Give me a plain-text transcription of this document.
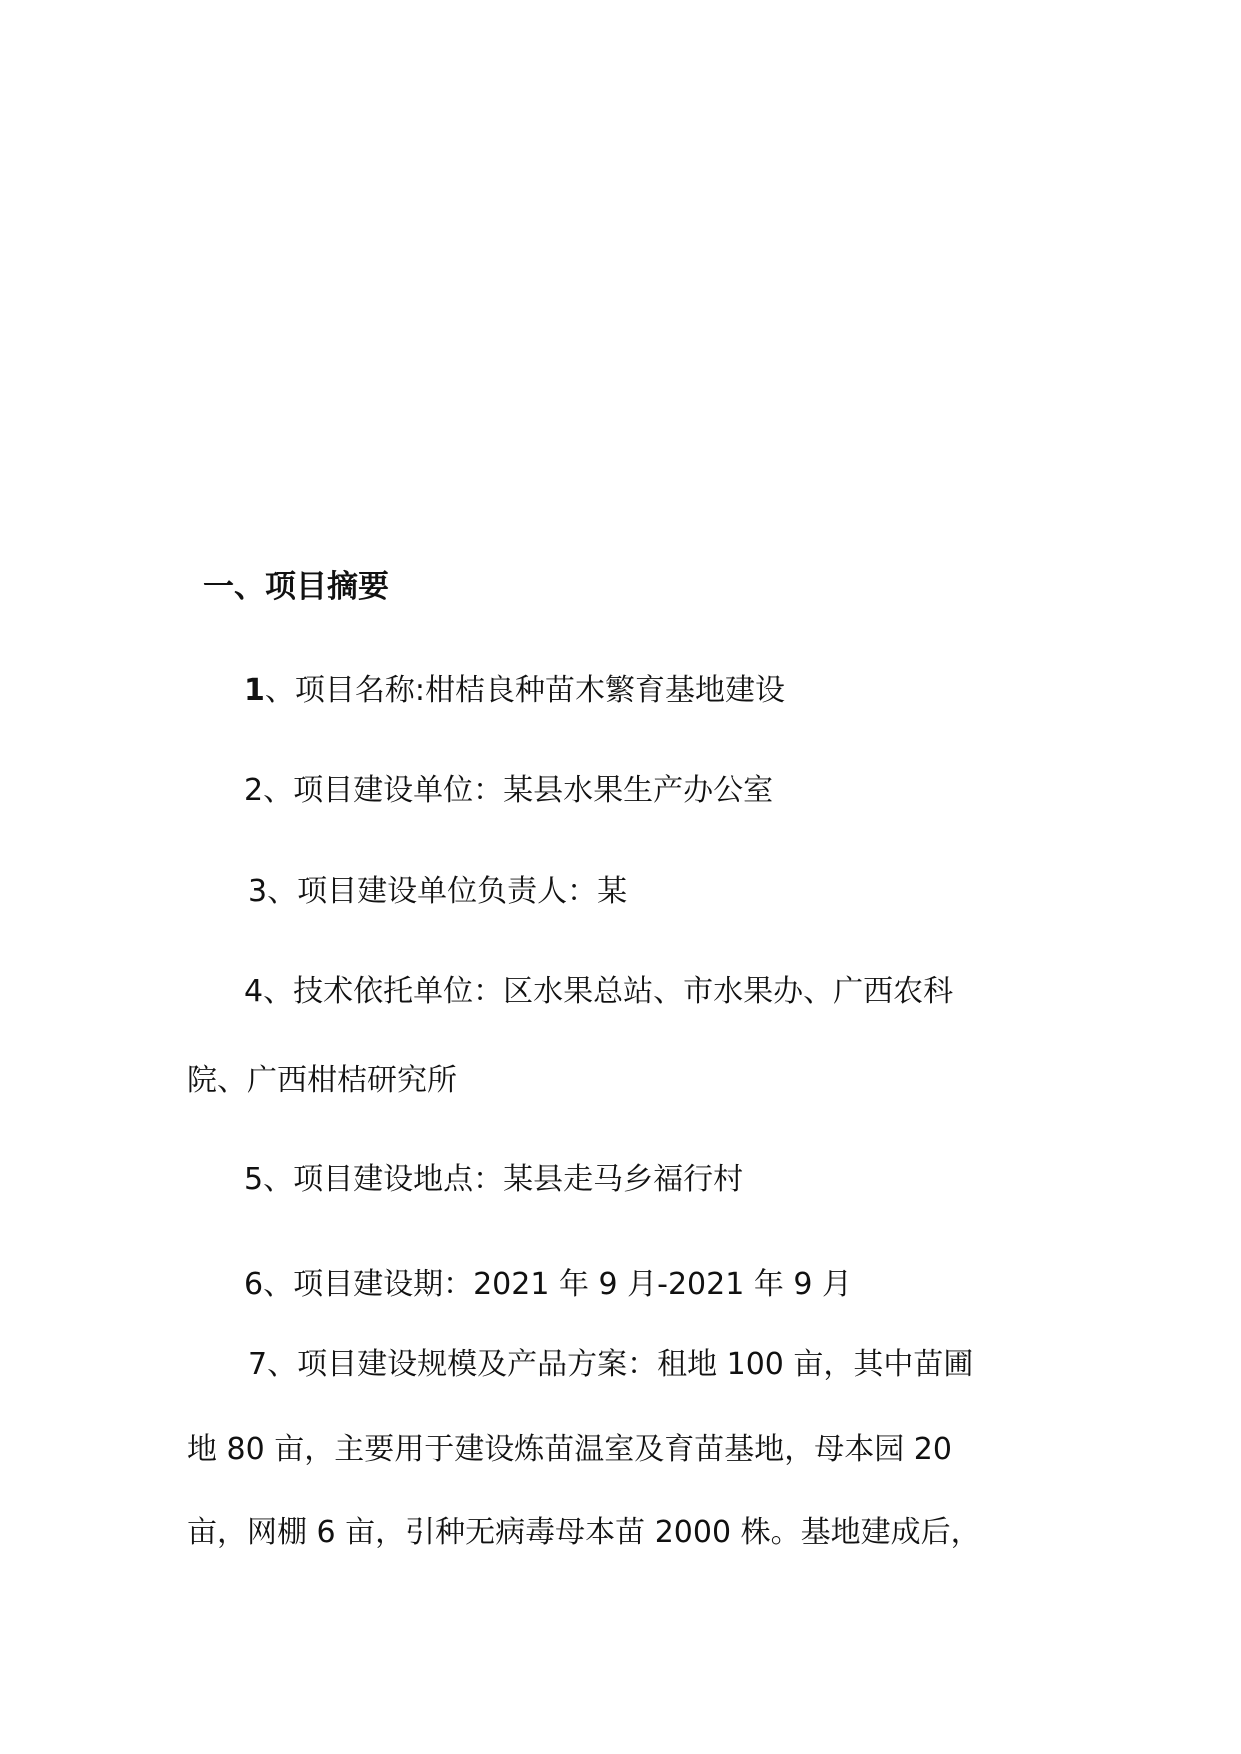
一、项目摘要
1、项目名称:柑桔良种苗木繁育基地建设
2、项目建设单位：某县水果生产办公室
3、项目建设单位负责人：某
4、技术依托单位：区水果总站、市水果办、广西农科
院、广西柑桔研究所
5、项目建设地点：某县走马乡福行村
6、项目建设期：2021 年 9 月-2021 年 9 月
7、项目建设规模及产品方案：租地 100 亩，其中苗圃
地 80 亩，主要用于建设炼苗温室及育苗基地，母本园 20
亩，网棚 6 亩，引种无病毒母本苗 2000 株。基地建成后，
